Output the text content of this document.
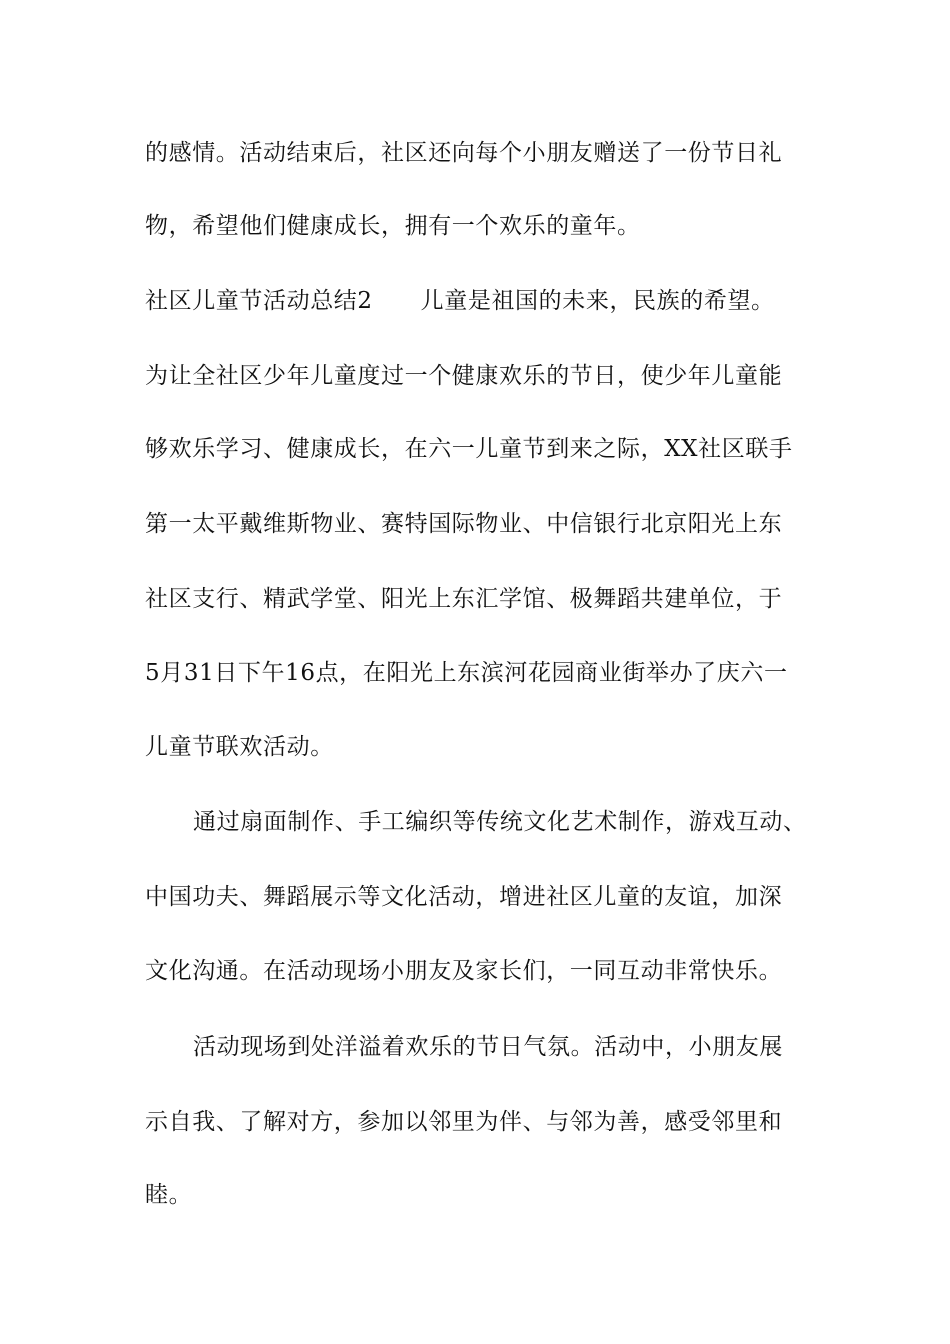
的感情。活动结束后，社区还向每个小朋友赠送了一份节日礼
物，希望他们健康成长，拥有一个欢乐的童年。
社区儿童节活动总结2 儿童是祖国的未来，民族的希望。
为让全社区少年儿童度过一个健康欢乐的节日，使少年儿童能
够欢乐学习、健康成长，在六一儿童节到来之际，XX社区联手
第一太平戴维斯物业、赛特国际物业、中信银行北京阳光上东
社区支行、精武学堂、阳光上东汇学馆、极舞蹈共建单位，于
5月31日下午16点，在阳光上东滨河花园商业街举办了庆六一
儿童节联欢活动。
通过扇面制作、手工编织等传统文化艺术制作，游戏互动、
中国功夫、舞蹈展示等文化活动，增进社区儿童的友谊，加深
文化沟通。在活动现场小朋友及家长们，一同互动非常快乐。
活动现场到处洋溢着欢乐的节日气氛。活动中，小朋友展
示自我、了解对方，参加以邻里为伴、与邻为善，感受邻里和
睦。
